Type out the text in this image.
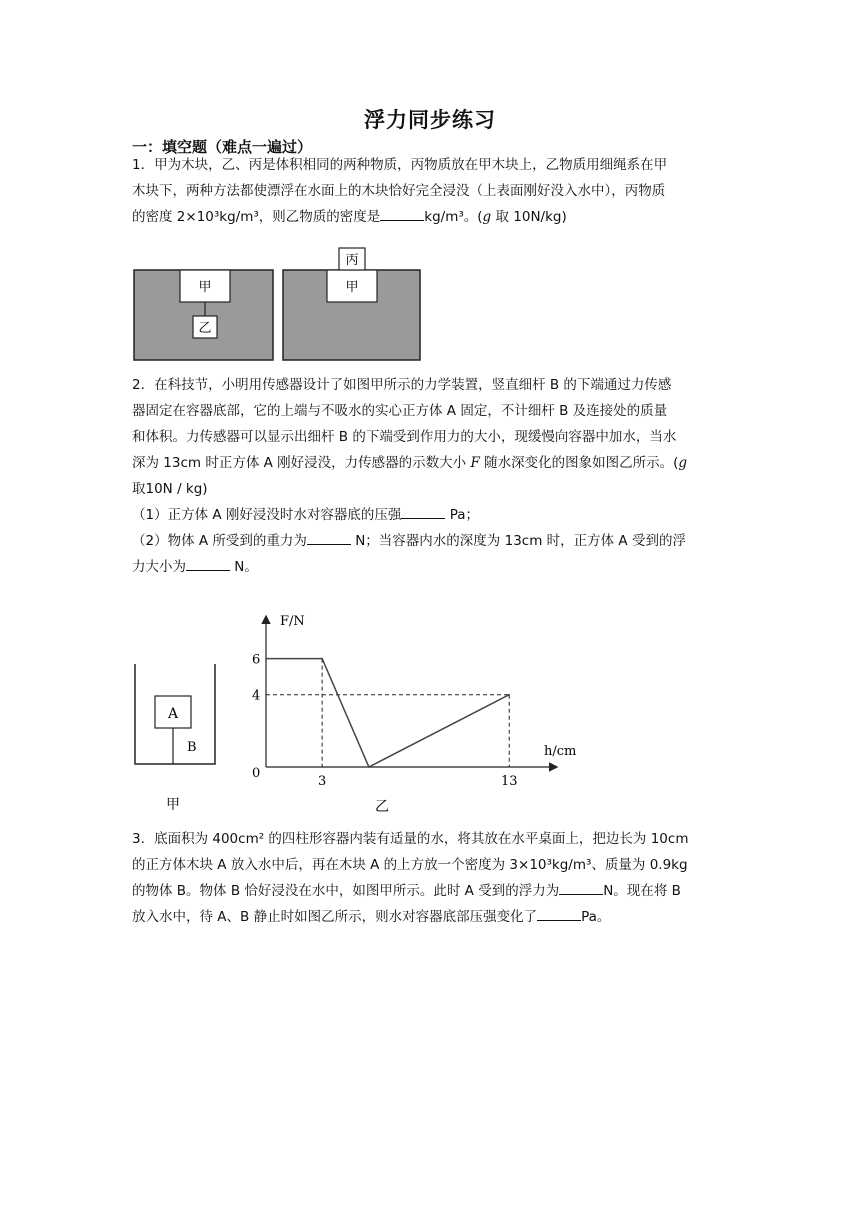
浮力同步练习
一：填空题（难点一遍过）
1．甲为木块，乙、丙是体积相同的两种物质，丙物质放在甲木块上，乙物质用细绳系在甲
木块下，两种方法都使漂浮在水面上的木块恰好完全浸没（上表面刚好没入水中），丙物质
的密度 2×10³kg/m³，则乙物质的密度是	kg/m³。(g 取 10N/kg)
甲
乙
甲
丙
2．在科技节，小明用传感器设计了如图甲所示的力学装置，竖直细杆 B 的下端通过力传感
器固定在容器底部，它的上端与不吸水的实心正方体 A 固定，不计细杆 B 及连接处的质量
和体积。力传感器可以显示出细杆 B 的下端受到作用力的大小，现缓慢向容器中加水，当水
深为 13cm 时正方体 A 刚好浸没，力传感器的示数大小 F 随水深变化的图象如图乙所示。(g
取10N / kg)
（1）正方体 A 刚好浸没时水对容器底的压强	Pa；
（2）物体 A 所受到的重力为	N；当容器内水的深度为 13cm 时，正方体 A 受到的浮
力大小为	N。
A
B
甲
F/N
h/cm
0
6
4
3	13
乙
3．底面积为 400cm² 的四柱形容器内装有适量的水，将其放在水平桌面上，把边长为 10cm
的正方体木块 A 放入水中后，再在木块 A 的上方放一个密度为 3×10³kg/m³、质量为 0.9kg
的物体 B。物体 B 恰好浸没在水中，如图甲所示。此时 A 受到的浮力为	N。现在将 B
放入水中，待 A、B 静止时如图乙所示，则水对容器底部压强变化了	Pa。
